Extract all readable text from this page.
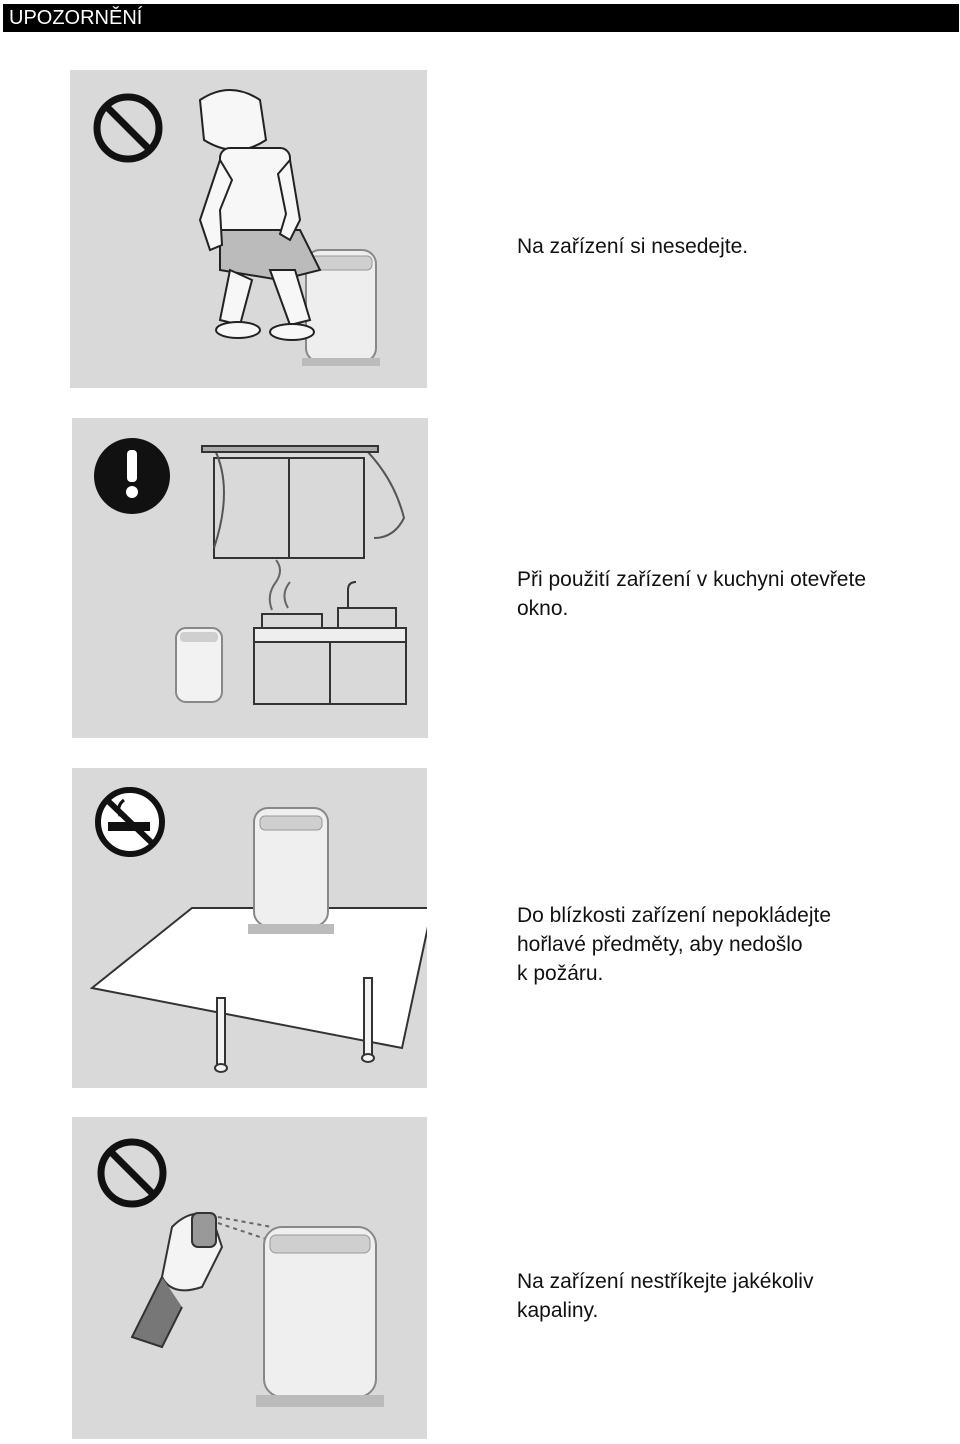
UPOZORNĚNÍ
Na zařízení si nesedejte.
Při použití zařízení v kuchyni otevřete
okno.
Do blízkosti zařízení nepokládejte
hořlavé předměty, aby nedošlo
k požáru.
Na zařízení nestříkejte jakékoliv
kapaliny.
